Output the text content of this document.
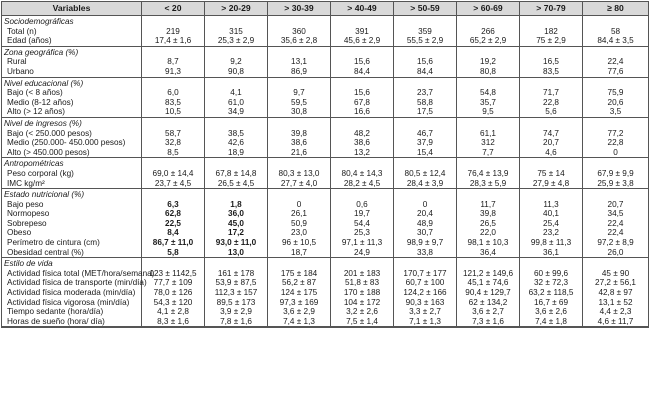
Variables	< 20	> 20-29	> 30-39	> 40-49	> 50-59	> 60-69	> 70-79	≥ 80
Sociodemográficas								
Total (n)	219	315	360	391	359	266	182	58
Edad (años)	17,4 ± 1,6	25,3 ± 2,9	35,6 ± 2,8	45,6 ± 2,9	55,5 ± 2,9	65,2 ± 2,9	75 ± 2,9	84,4 ± 3,5
Zona geográfica (%)								
Rural	8,7	9,2	13,1	15,6	15,6	19,2	16,5	22,4
Urbano	91,3	90,8	86,9	84,4	84,4	80,8	83,5	77,6
Nivel educacional (%)								
Bajo (< 8 años)	6,0	4,1	9,7	15,6	23,7	54,8	71,7	75,9
Medio (8-12 años)	83,5	61,0	59,5	67,8	58,8	35,7	22,8	20,6
Alto (> 12 años)	10,5	34,9	30,8	16,6	17,5	9,5	5,6	3,5
Nivel de ingresos (%)								
Bajo (< 250.000 pesos)	58,7	38,5	39,8	48,2	46,7	61,1	74,7	77,2
Medio (250.000- 450.000 pesos)	32,8	42,6	38,6	38,6	37,9	312	20,7	22,8
Alto (> 450.000 pesos)	8,5	18,9	21,6	13,2	15,4	7,7	4,6	0
Antropométricas								
Peso corporal (kg)	69,0 ± 14,4	67,8 ± 14,8	80,3 ± 13,0	80,4 ± 14,3	80,5 ± 12,4	76,4 ± 13,9	75 ± 14	67,9 ± 9,9
IMC kg/m²	23,7 ± 4,5	26,5 ± 4,5	27,7 ± 4,0	28,2 ± 4,5	28,4 ± 3,9	28,3 ± 5,9	27,9 ± 4,8	25,9 ± 3,8
Estado nutricional (%)								
Bajo peso	6,3	1,8	0	0,6	0	11,7	11,3	20,7
Normopeso	62,8	36,0	26,1	19,7	20,4	39,8	40,1	34,5
Sobrepeso	22,5	45,0	50,9	54,4	48,9	26,5	25,4	22,4
Obeso	8,4	17,2	23,0	25,3	30,7	22,0	23,2	22,4
Perímetro de cintura (cm)	86,7 ± 11,0	93,0 ± 11,0	96 ± 10,5	97,1 ± 11,3	98,9 ± 9,7	98,1 ± 10,3	99,8 ± 11,3	97,2 ± 8,9
Obesidad central (%)	5,8	13,0	18,7	24,9	33,8	36,4	36,1	26,0
Estilo de vida								
Actividad física total (MET/hora/semana)	123 ± 1142,5	161 ± 178	175 ± 184	201 ± 183	170,7 ± 177	121,2 ± 149,6	60 ± 99,6	45 ± 90
Actividad física de transporte (min/día)	77,7 ± 109	53,9 ± 87,5	56,2 ± 87	51,8 ± 83	60,7 ± 100	45,1 ± 74,6	32 ± 72,3	27,2 ± 56,1
Actividad física moderada (min/día)	78,0 ± 126	112,3 ± 157	124 ± 175	170 ± 188	124,2 ± 166	90,4 ± 129,7	63,2 ± 118,5	42,8 ± 97
Actividad física vigorosa (min/día)	54,3 ± 120	89,5 ± 173	97,3 ± 169	104 ± 172	90,3 ± 163	62 ± 134,2	16,7 ± 69	13,1 ± 52
Tiempo sedante (hora/día)	4,1 ± 2,8	3,9 ± 2,9	3,6 ± 2,9	3,2 ± 2,6	3,3 ± 2,7	3,6 ± 2,7	3,6 ± 2,6	4,4 ± 2,3
Horas de sueño (hora/ día)	8,3 ± 1,6	7,8 ± 1,6	7,4 ± 1,3	7,5 ± 1,4	7,1 ± 1,3	7,3 ± 1,6	7,4 ± 1,8	4,6 ± 11,7
